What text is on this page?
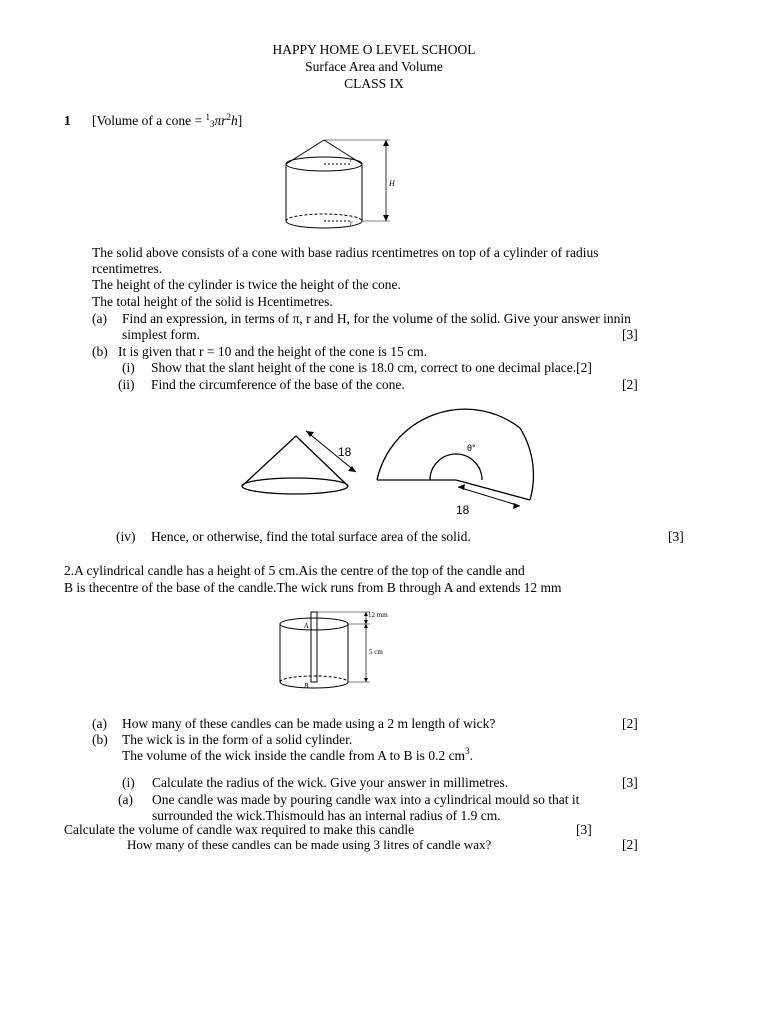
HAPPY HOME O LEVEL SCHOOL
Surface Area and Volume
CLASS IX
1 [Volume of a cone = $^13\pi r^2h$]
H
r
r
The solid above consists of a cone with base radius rcentimetres on top of a cylinder of radius
rcentimetres.
The height of the cylinder is twice the height of the cone.
The total height of the solid is Hcentimetres.
(a) Find an expression, in terms of π, r and H, for the volume of the solid. Give your answer innin
simplest form.	[3]
(b) It is given that r = 10 and the height of the cone is 15 cm.
(i) Show that the slant height of the cone is 18.0 cm, correct to one decimal place.[2]
(ii) Find the circumference of the base of the cone.	[2]
18
18
θ°
(iv) Hence, or otherwise, find the total surface area of the solid.	[3]
2.A cylindrical candle has a height of 5 cm.Ais the centre of the top of the candle and
B is thecentre of the base of the candle.The wick runs from B through A and extends 12 mm
12 mm
5 cm
A
B
(a) How many of these candles can be made using a 2 m length of wick?	[2]
(b) The wick is in the form of a solid cylinder.
The volume of the wick inside the candle from A to B is 0.2 $cm^3$.
(i) Calculate the radius of the wick. Give your answer in millimetres.	[3]
(a) One candle was made by pouring candle wax into a cylindrical mould so that it
surrounded the wick.Thismould has an internal radius of 1.9 cm.
Calculate the volume of candle wax required to make this candle	[3]
How many of these candles can be made using 3 litres of candle wax?	[2]
